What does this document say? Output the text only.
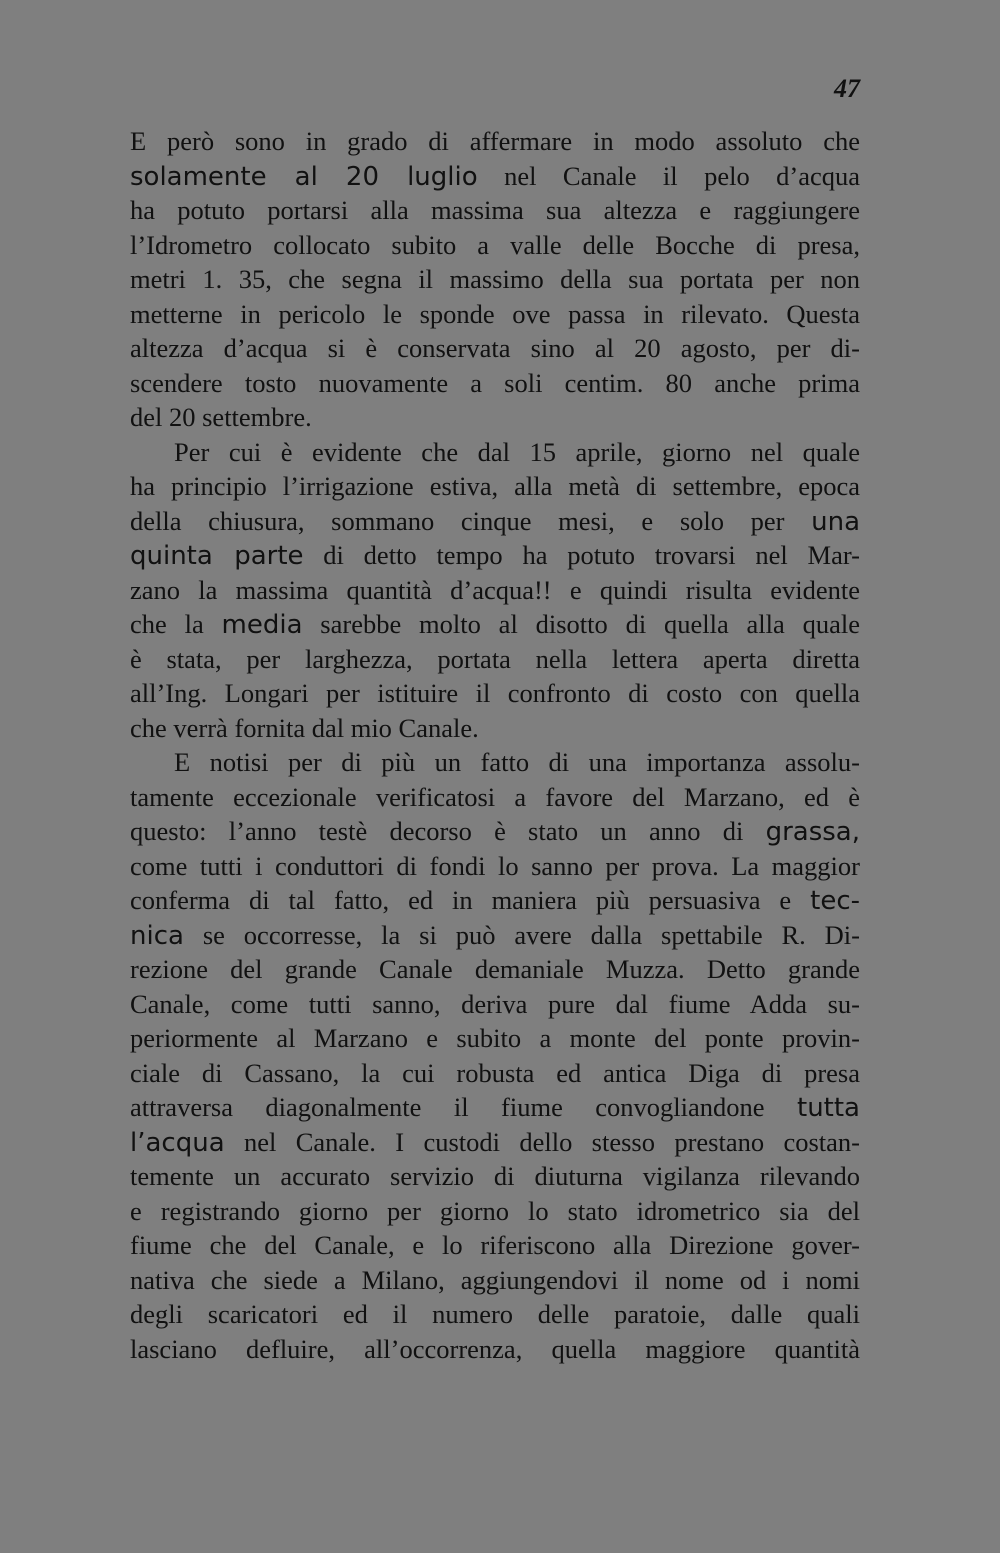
47
E però sono in grado di affermare in modo assoluto che
solamente al 20 luglio nel Canale il pelo d’acqua
ha potuto portarsi alla massima sua altezza e raggiungere
l’Idrometro collocato subito a valle delle Bocche di presa,
metri 1. 35, che segna il massimo della sua portata per non
metterne in pericolo le sponde ove passa in rilevato. Questa
altezza d’acqua si è conservata sino al 20 agosto, per di-
scendere tosto nuovamente a soli centim. 80 anche prima
del 20 settembre.
Per cui è evidente che dal 15 aprile, giorno nel quale
ha principio l’irrigazione estiva, alla metà di settembre, epoca
della chiusura, sommano cinque mesi, e solo per una
quinta parte di detto tempo ha potuto trovarsi nel Mar-
zano la massima quantità d’acqua!! e quindi risulta evidente
che la media sarebbe molto al disotto di quella alla quale
è stata, per larghezza, portata nella lettera aperta diretta
all’Ing. Longari per istituire il confronto di costo con quella
che verrà fornita dal mio Canale.
E notisi per di più un fatto di una importanza assolu-
tamente eccezionale verificatosi a favore del Marzano, ed è
questo: l’anno testè decorso è stato un anno di grassa,
come tutti i conduttori di fondi lo sanno per prova. La maggior
conferma di tal fatto, ed in maniera più persuasiva e tec-
nica se occorresse, la si può avere dalla spettabile R. Di-
rezione del grande Canale demaniale Muzza. Detto grande
Canale, come tutti sanno, deriva pure dal fiume Adda su-
periormente al Marzano e subito a monte del ponte provin-
ciale di Cassano, la cui robusta ed antica Diga di presa
attraversa diagonalmente il fiume convogliandone tutta
l’acqua nel Canale. I custodi dello stesso prestano costan-
temente un accurato servizio di diuturna vigilanza rilevando
e registrando giorno per giorno lo stato idrometrico sia del
fiume che del Canale, e lo riferiscono alla Direzione gover-
nativa che siede a Milano, aggiungendovi il nome od i nomi
degli scaricatori ed il numero delle paratoie, dalle quali
lasciano defluire, all’occorrenza, quella maggiore quantità
